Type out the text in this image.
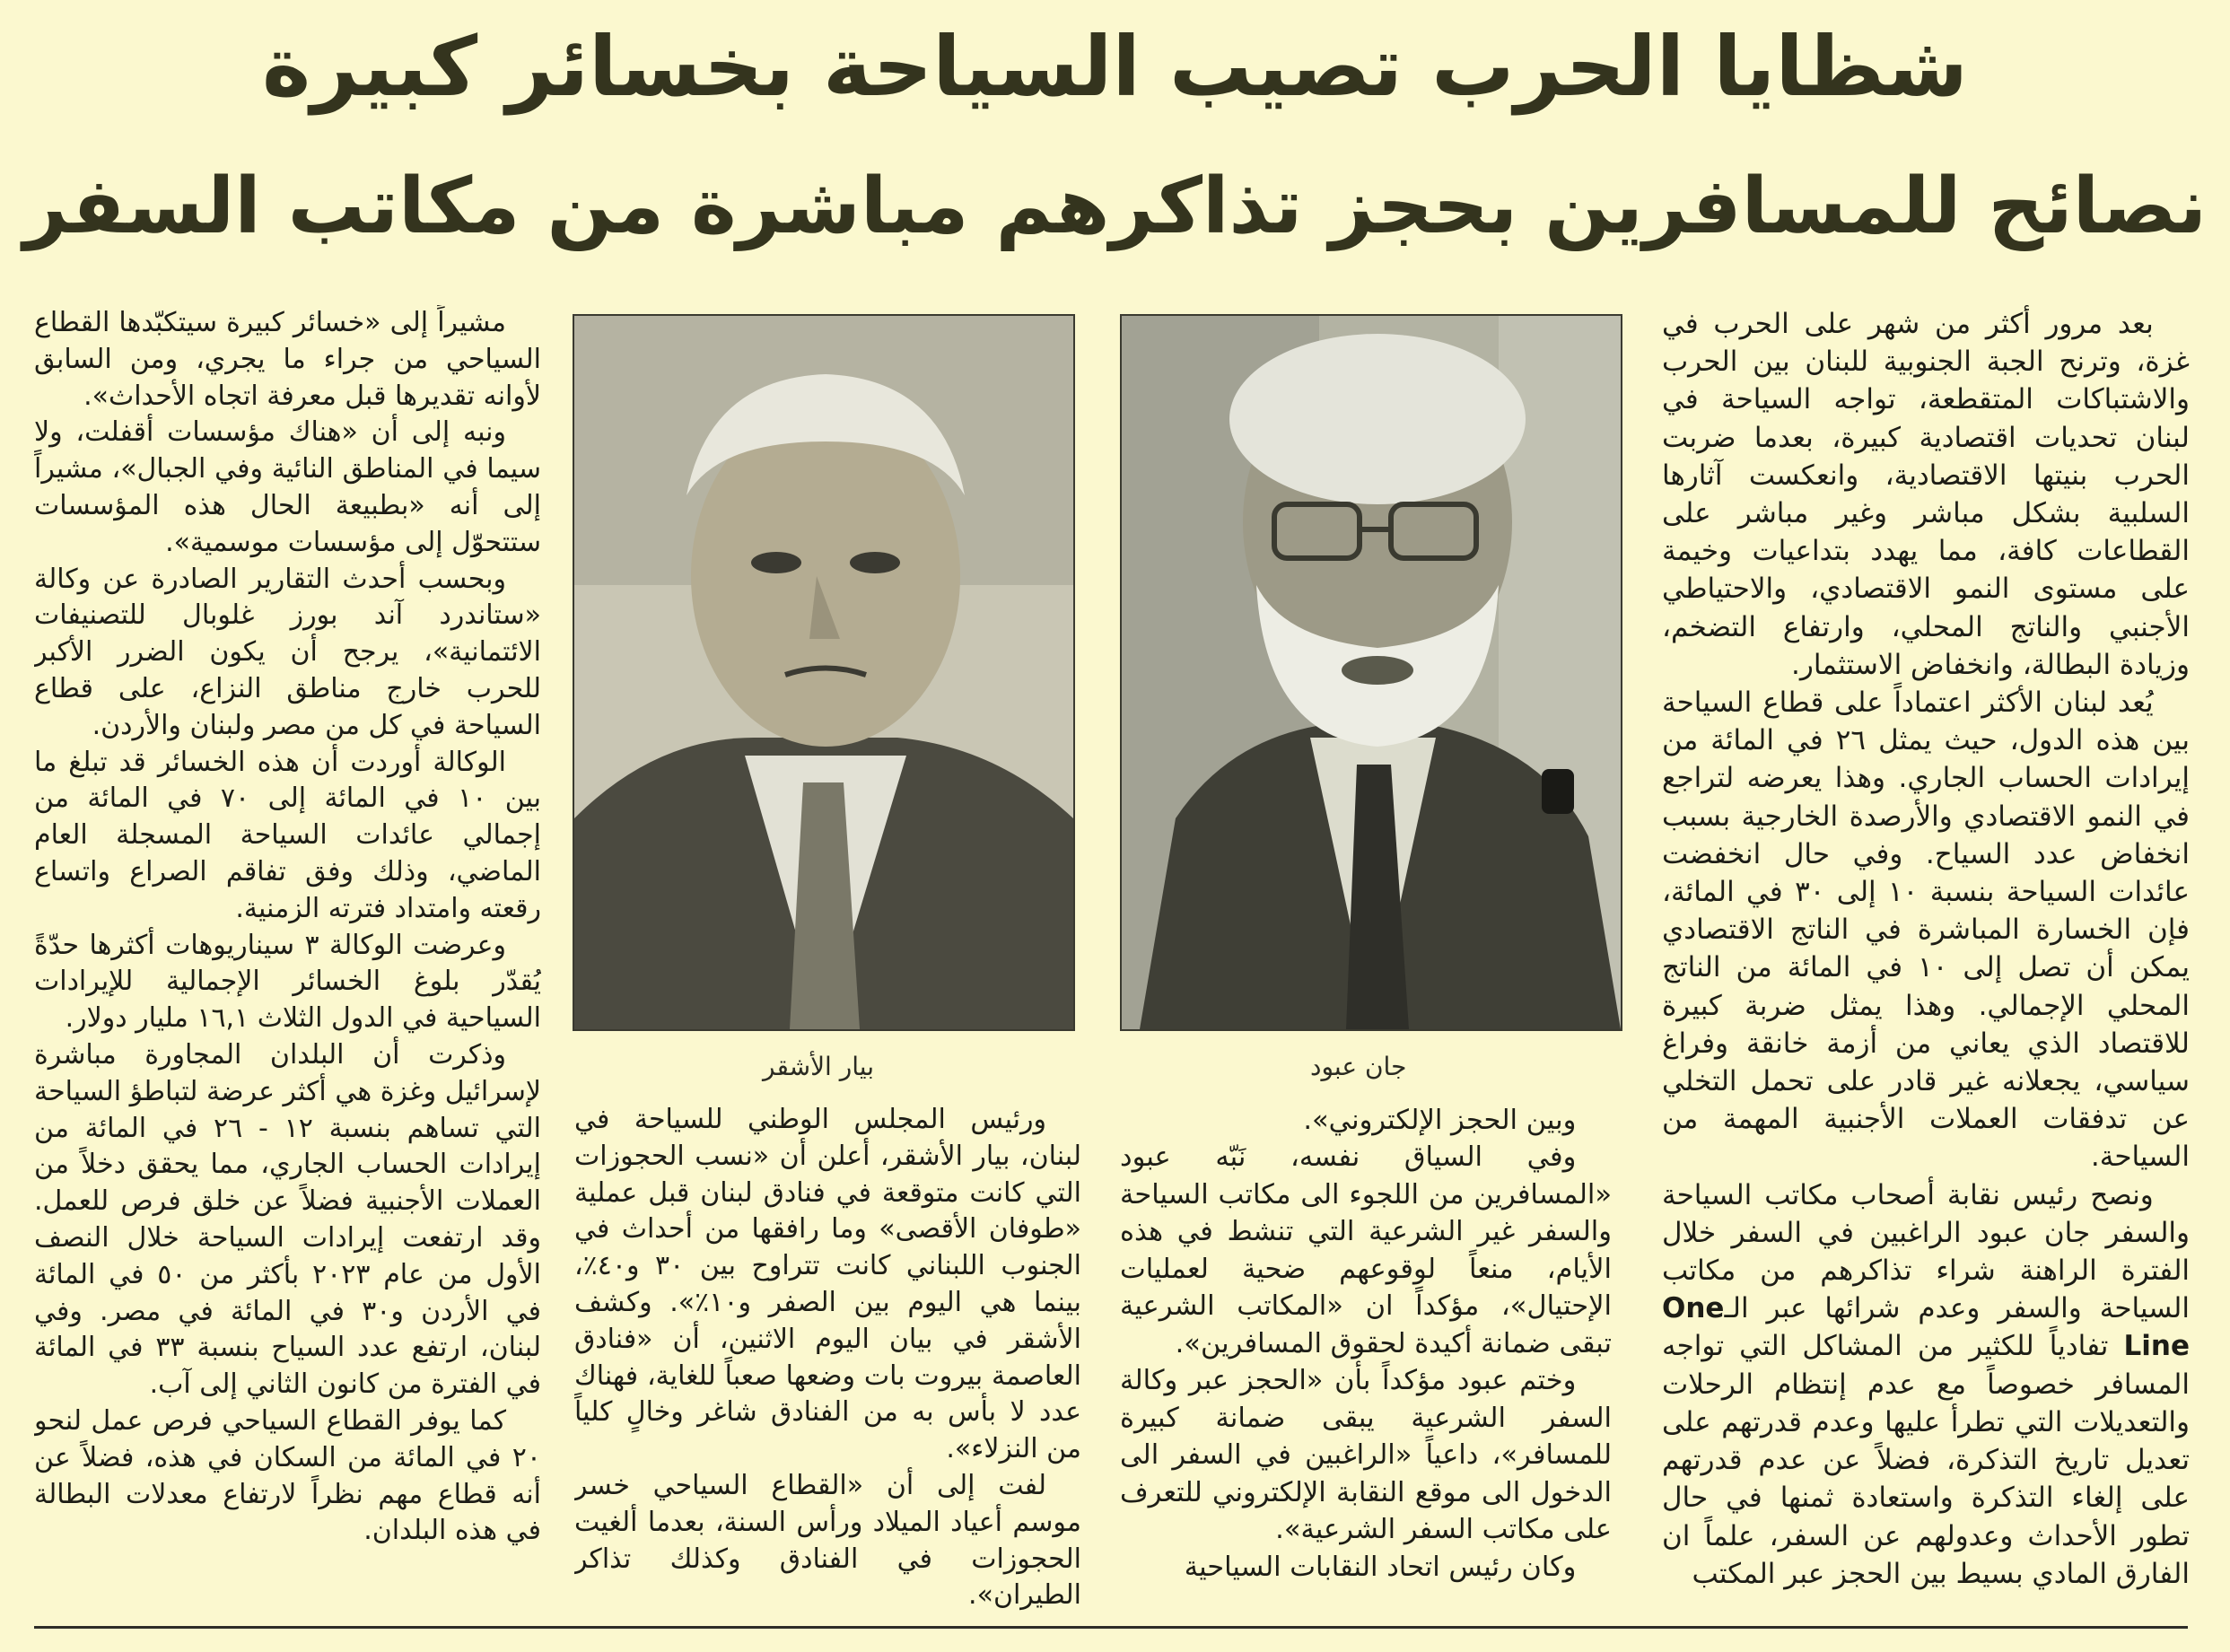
شظايا الحرب تصيب السياحة بخسائر كبيرة
نصائح للمسافرين بحجز تذاكرهم مباشرة من مكاتب السفر

بعد مرور أكثر من شهر على الحرب في غزة، وترنح الجبة الجنوبية للبنان بين الحرب والاشتباكات المتقطعة، تواجه السياحة في لبنان تحديات اقتصادية كبيرة، بعدما ضربت الحرب بنيتها الاقتصادية، وانعكست آثارها السلبية بشكل مباشر وغير مباشر على القطاعات كافة، مما يهدد بتداعيات وخيمة على مستوى النمو الاقتصادي، والاحتياطي الأجنبي والناتج المحلي، وارتفاع التضخم، وزيادة البطالة، وانخفاض الاستثمار.

يُعد لبنان الأكثر اعتماداً على قطاع السياحة بين هذه الدول، حيث يمثل ٢٦ في المائة من إيرادات الحساب الجاري. وهذا يعرضه لتراجع في النمو الاقتصادي والأرصدة الخارجية بسبب انخفاض عدد السياح. وفي حال انخفضت عائدات السياحة بنسبة ١٠ إلى ٣٠ في المائة، فإن الخسارة المباشرة في الناتج الاقتصادي يمكن أن تصل إلى ١٠ في المائة من الناتج المحلي الإجمالي. وهذا يمثل ضربة كبيرة للاقتصاد الذي يعاني من أزمة خانقة وفراغ سياسي، يجعلانه غير قادر على تحمل التخلي عن تدفقات العملات الأجنبية المهمة من السياحة.

ونصح رئيس نقابة أصحاب مكاتب السياحة والسفر جان عبود الراغبين في السفر خلال الفترة الراهنة شراء تذاكرهم من مكاتب السياحة والسفر وعدم شرائها عبر الـOne Line تفادياً للكثير من المشاكل التي تواجه المسافر خصوصاً مع عدم إنتظام الرحلات والتعديلات التي تطرأ عليها وعدم قدرتهم على تعديل تاريخ التذكرة، فضلاً عن عدم قدرتهم على إلغاء التذكرة واستعادة ثمنها في حال تطور الأحداث وعدولهم عن السفر، علماً ان الفارق المادي بسيط بين الحجز عبر المكتب

جان عبود
بيار الأشقر

وبين الحجز الإلكتروني».

وفي السياق نفسه، نَبّه عبود «المسافرين من اللجوء الى مكاتب السياحة والسفر غير الشرعية التي تنشط في هذه الأيام، منعاً لوقوعهم ضحية لعمليات الإحتيال»، مؤكداً ان «المكاتب الشرعية تبقى ضمانة أكيدة لحقوق المسافرين».

وختم عبود مؤكداً بأن «الحجز عبر وكالة السفر الشرعية يبقى ضمانة كبيرة للمسافر»، داعياً «الراغبين في السفر الى الدخول الى موقع النقابة الإلكتروني للتعرف على مكاتب السفر الشرعية».

وكان رئيس اتحاد النقابات السياحية

ورئيس المجلس الوطني للسياحة في لبنان، بيار الأشقر، أعلن أن «نسب الحجوزات التي كانت متوقعة في فنادق لبنان قبل عملية «طوفان الأقصى» وما رافقها من أحداث في الجنوب اللبناني كانت تتراوح بين ٣٠ و٤٠٪، بينما هي اليوم بين الصفر و١٠٪». وكشف الأشقر في بيان اليوم الاثنين، أن «فنادق العاصمة بيروت بات وضعها صعباً للغاية، فهناك عدد لا بأس به من الفنادق شاغر وخالٍ كلياً من النزلاء».

لفت إلى أن «القطاع السياحي خسر موسم أعياد الميلاد ورأس السنة، بعدما ألغيت الحجوزات في الفنادق وكذلك تذاكر الطيران».

مشيراً إلى «خسائر كبيرة سيتكبّدها القطاع السياحي من جراء ما يجري، ومن السابق لأوانه تقديرها قبل معرفة اتجاه الأحداث».

ونبه إلى أن «هناك مؤسسات أقفلت، ولا سيما في المناطق النائية وفي الجبال»، مشيراً إلى أنه «بطبيعة الحال هذه المؤسسات ستتحوّل إلى مؤسسات موسمية».

وبحسب أحدث التقارير الصادرة عن وكالة «ستاندرد آند بورز غلوبال للتصنيفات الائتمانية»، يرجح أن يكون الضرر الأكبر للحرب خارج مناطق النزاع، على قطاع السياحة في كل من مصر ولبنان والأردن.

الوكالة أوردت أن هذه الخسائر قد تبلغ ما بين ١٠ في المائة إلى ٧٠ في المائة من إجمالي عائدات السياحة المسجلة العام الماضي، وذلك وفق تفاقم الصراع واتساع رقعته وامتداد فترته الزمنية.

وعرضت الوكالة ٣ سيناريوهات أكثرها حدّةً يُقدّر بلوغ الخسائر الإجمالية للإيرادات السياحية في الدول الثلاث ١٦,١ مليار دولار.

وذكرت أن البلدان المجاورة مباشرة لإسرائيل وغزة هي أكثر عرضة لتباطؤ السياحة التي تساهم بنسبة ١٢ - ٢٦ في المائة من إيرادات الحساب الجاري، مما يحقق دخلاً من العملات الأجنبية فضلاً عن خلق فرص للعمل. وقد ارتفعت إيرادات السياحة خلال النصف الأول من عام ٢٠٢٣ بأكثر من ٥٠ في المائة في الأردن و٣٠ في المائة في مصر. وفي لبنان، ارتفع عدد السياح بنسبة ٣٣ في المائة في الفترة من كانون الثاني إلى آب.

كما يوفر القطاع السياحي فرص عمل لنحو ٢٠ في المائة من السكان في هذه، فضلاً عن أنه قطاع مهم نظراً لارتفاع معدلات البطالة في هذه البلدان.
